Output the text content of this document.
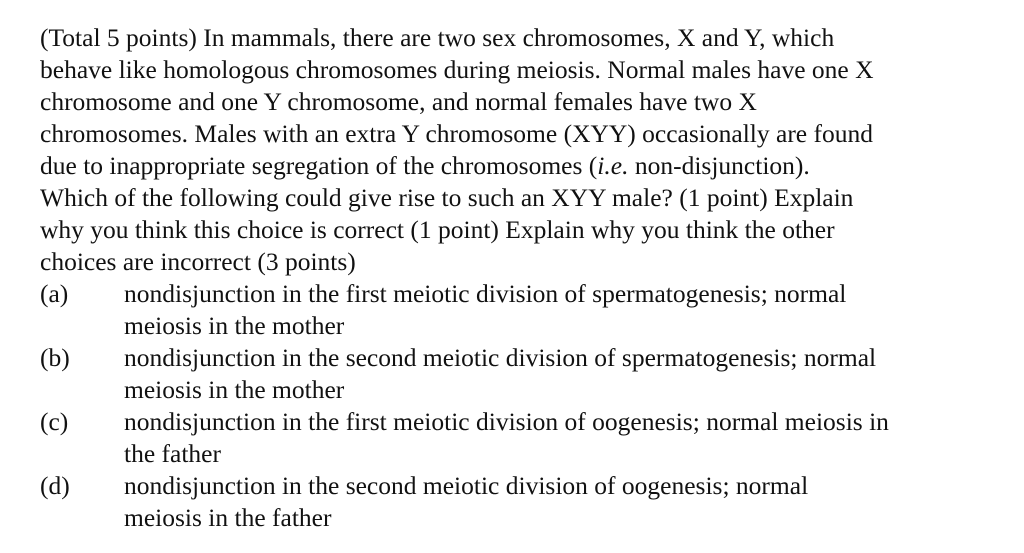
(Total 5 points) In mammals, there are two sex chromosomes, X and Y, which
behave like homologous chromosomes during meiosis. Normal males have one X
chromosome and one Y chromosome, and normal females have two X
chromosomes. Males with an extra Y chromosome (XYY) occasionally are found
due to inappropriate segregation of the chromosomes (i.e. non-disjunction).
Which of the following could give rise to such an XYY male? (1 point) Explain
why you think this choice is correct (1 point) Explain why you think the other
choices are incorrect (3 points)

(a) nondisjunction in the first meiotic division of spermatogenesis; normal
meiosis in the mother
(b) nondisjunction in the second meiotic division of spermatogenesis; normal
meiosis in the mother
(c) nondisjunction in the first meiotic division of oogenesis; normal meiosis in
the father
(d) nondisjunction in the second meiotic division of oogenesis; normal
meiosis in the father
